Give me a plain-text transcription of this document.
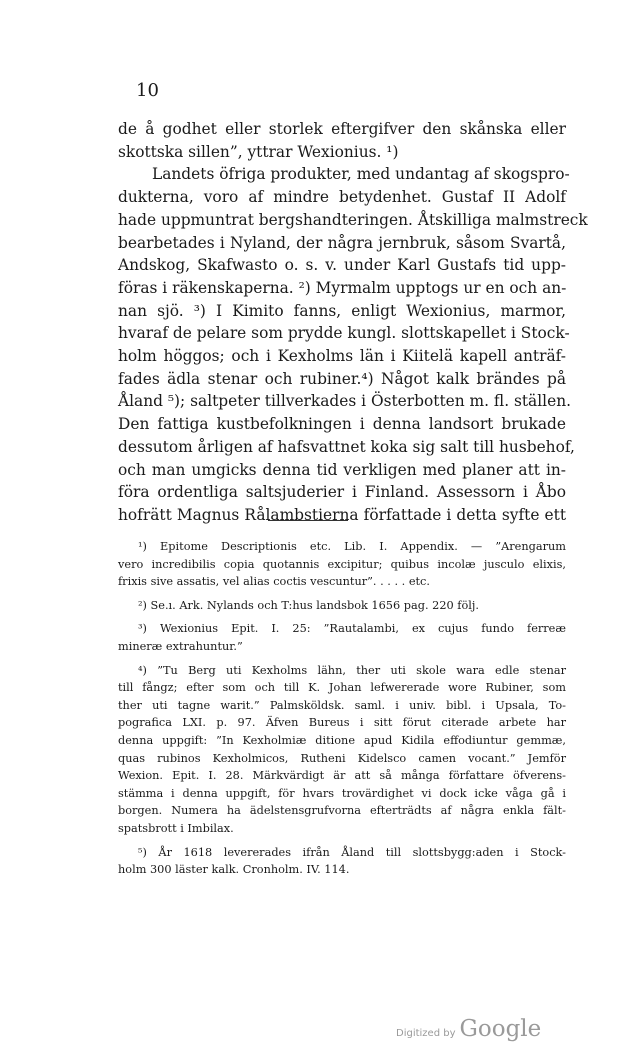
10
de å godhet eller storlek eftergifver den skånska eller
skottska sillen”, yttrar Wexionius. ¹)
Landets öfriga produkter, med undantag af skogspro-
dukterna, voro af mindre betydenhet. Gustaf II Adolf
hade uppmuntrat bergshandteringen. Åtskilliga malmstreck
bearbetades i Nyland, der några jernbruk, såsom Svartå,
Andskog, Skafwasto o. s. v. under Karl Gustafs tid upp-
föras i räkenskaperna. ²) Myrmalm upptogs ur en och an-
nan sjö. ³) I Kimito fanns, enligt Wexionius, marmor,
hvaraf de pelare som prydde kungl. slottskapellet i Stock-
holm höggos; och i Kexholms län i Kiitelä kapell anträf-
fades ädla stenar och rubiner.⁴) Något kalk brändes på
Åland ⁵); saltpeter tillverkades i Österbotten m. fl. ställen.
Den fattiga kustbefolkningen i denna landsort brukade
dessutom årligen af hafsvattnet koka sig salt till husbehof,
och man umgicks denna tid verkligen med planer att in-
föra ordentliga saltsjuderier i Finland. Assessorn i Åbo
hofrätt Magnus Rålambstierna författade i detta syfte ett
¹) Epitome Descriptionis etc. Lib. I. Appendix. — ”Arengarum
vero incredibilis copia quotannis excipitur; quibus incolæ jusculo elixis,
frixis sive assatis, vel alias coctis vescuntur”. . . . . etc.
²) Se.ı. Ark. Nylands och T:hus landsbok 1656 pag. 220 följ.
³) Wexionius Epit. I. 25: ”Rautalambi, ex cujus fundo ferreæ
mineræ extrahuntur.”
⁴) ”Tu Berg uti Kexholms lähn, ther uti skole wara edle stenar
till fångz; efter som och till K. Johan lefwererade wore Rubiner, som
ther uti tagne warit.” Palmsköldsk. saml. i univ. bibl. i Upsala, To-
pografica LXI. p. 97. Äfven Bureus i sitt förut citerade arbete har
denna uppgift: ”In Kexholmiæ ditione apud Kidila effodiuntur gemmæ,
quas rubinos Kexholmicos, Rutheni Kidelsco camen vocant.” Jemför
Wexion. Epit. I. 28. Märkvärdigt är att så många författare öfverens-
stämma i denna uppgift, för hvars trovärdighet vi dock icke våga gå i
borgen. Numera ha ädelstensgrufvorna efterträdts af några enkla fält-
spatsbrott i Imbilax.
⁵) År 1618 levererades ifrån Åland till slottsbygg:aden i Stock-
holm 300 läster kalk. Cronholm. IV. 114.
Digitized by Google
